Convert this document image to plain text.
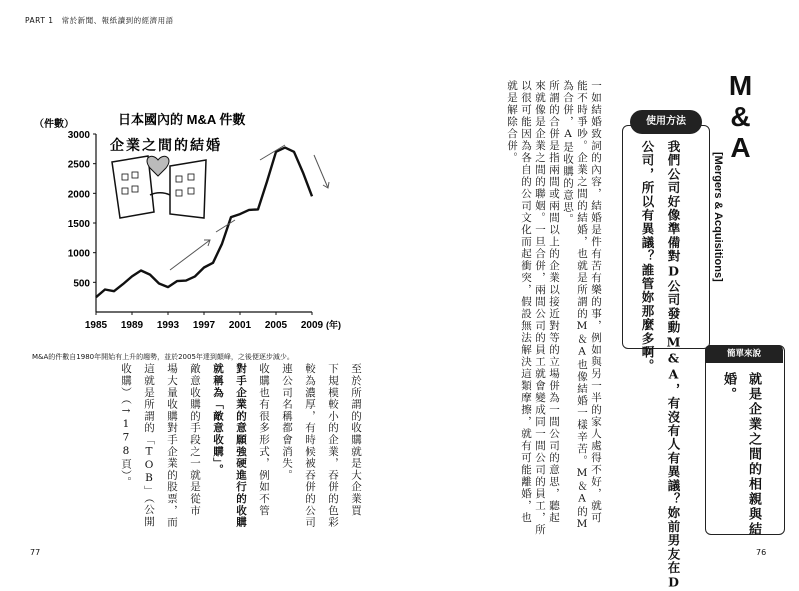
PART 1　常於新聞、報紙讀到的經濟用語
77	76
M&A
[Mergers & Acquisitions]
使用方法
我們公司好像準備對D公司發動M&A，有沒有人有異議？妳前男友在D
公司，所以有異議？誰管妳那麼多啊。	簡單來說
就是企業之間的相親與結
婚。
一如結婚致詞的內容，結婚是件有苦有樂的事，例如與另一半的家人處得不好，就可
能不時爭吵。企業之間的結婚，也就是所謂的M＆A也像結婚一樣辛苦。M＆A的M
為合併，A是收購的意思。
所謂的合併是指兩間或兩間以上的企業以接近對等的立場併為一間公司的意思，聽起
來就像是企業之間的聯姻。一旦合併，兩間公司的員工就會變成同一間公司的員工，所
以很可能因為各自的公司文化而起衝突，假設無法解決這類摩擦，就有可能離婚，也
就是解除合併。
至於所謂的收購就是大企業買
下規模較小的企業，吞併的色彩
較為濃厚，有時候被吞併的公司
連公司名稱都會消失。
收購也有很多形式，例如不管
對手企業的意願強硬進行的收購
就稱為「敵意收購」。
敵意收購的手段之一就是從市
場大量收購對手企業的股票，而
這就是所謂的「TOB」（公開
收購）（→178頁）。
日本國內的 M&A 件數
（件數）
500
1000
1500
2000
2500
3000
1985 1989 1993 1997 2001 2005 2009 (年)
企業之間的結婚
M&A的件數自1980年開始有上升的趨勢，並於2005年達到顛峰，之後便逐步減少。
